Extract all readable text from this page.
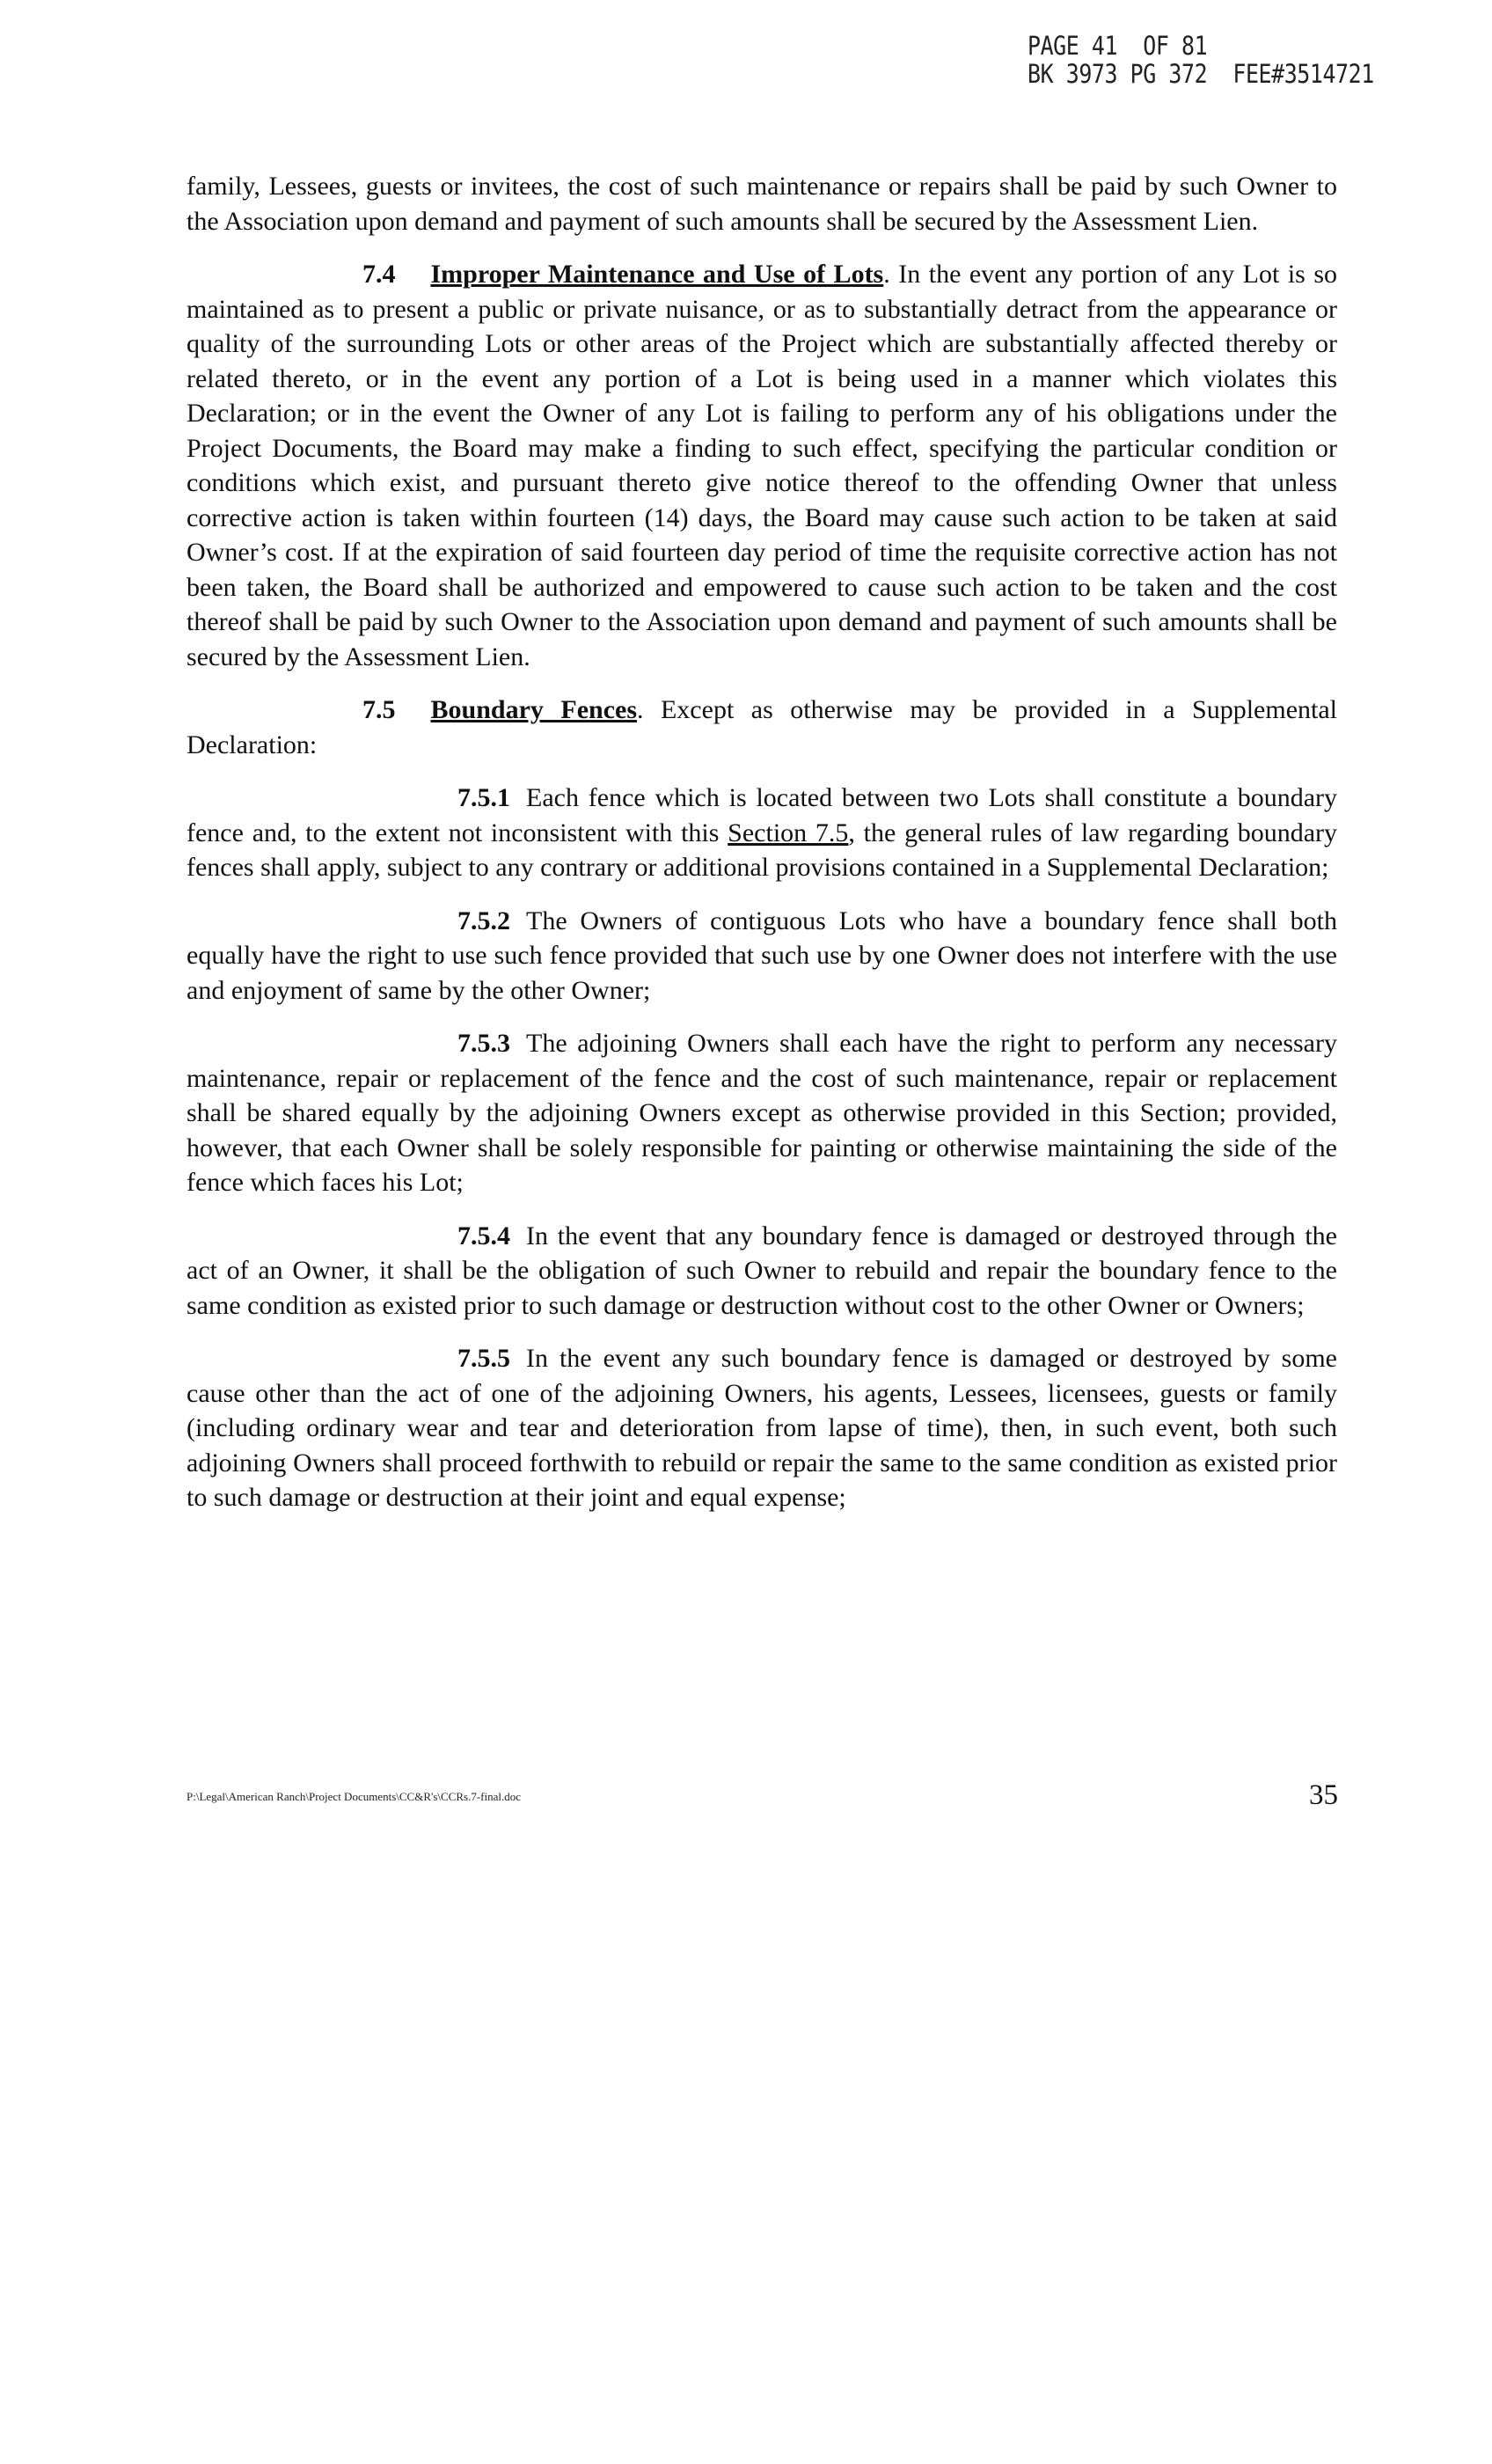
PAGE 41  OF 81
BK 3973 PG 372  FEE#3514721

family, Lessees, guests or invitees, the cost of such maintenance or repairs shall be paid by such Owner to the Association upon demand and payment of such amounts shall be secured by the Assessment Lien.

7.4 Improper Maintenance and Use of Lots. In the event any portion of any Lot is so maintained as to present a public or private nuisance, or as to substantially detract from the appearance or quality of the surrounding Lots or other areas of the Project which are substantially affected thereby or related thereto, or in the event any portion of a Lot is being used in a manner which violates this Declaration; or in the event the Owner of any Lot is failing to perform any of his obligations under the Project Documents, the Board may make a finding to such effect, specifying the particular condition or conditions which exist, and pursuant thereto give notice thereof to the offending Owner that unless corrective action is taken within fourteen (14) days, the Board may cause such action to be taken at said Owner’s cost. If at the expiration of said fourteen day period of time the requisite corrective action has not been taken, the Board shall be authorized and empowered to cause such action to be taken and the cost thereof shall be paid by such Owner to the Association upon demand and payment of such amounts shall be secured by the Assessment Lien.

7.5 Boundary Fences. Except as otherwise may be provided in a Supplemental Declaration:

7.5.1 Each fence which is located between two Lots shall constitute a boundary fence and, to the extent not inconsistent with this Section 7.5, the general rules of law regarding boundary fences shall apply, subject to any contrary or additional provisions contained in a Supplemental Declaration;

7.5.2 The Owners of contiguous Lots who have a boundary fence shall both equally have the right to use such fence provided that such use by one Owner does not interfere with the use and enjoyment of same by the other Owner;

7.5.3 The adjoining Owners shall each have the right to perform any necessary maintenance, repair or replacement of the fence and the cost of such maintenance, repair or replacement shall be shared equally by the adjoining Owners except as otherwise provided in this Section; provided, however, that each Owner shall be solely responsible for painting or otherwise maintaining the side of the fence which faces his Lot;

7.5.4 In the event that any boundary fence is damaged or destroyed through the act of an Owner, it shall be the obligation of such Owner to rebuild and repair the boundary fence to the same condition as existed prior to such damage or destruction without cost to the other Owner or Owners;

7.5.5 In the event any such boundary fence is damaged or destroyed by some cause other than the act of one of the adjoining Owners, his agents, Lessees, licensees, guests or family (including ordinary wear and tear and deterioration from lapse of time), then, in such event, both such adjoining Owners shall proceed forthwith to rebuild or repair the same to the same condition as existed prior to such damage or destruction at their joint and equal expense;

P:\Legal\American Ranch\Project Documents\CC&R's\CCRs.7-final.doc	35
